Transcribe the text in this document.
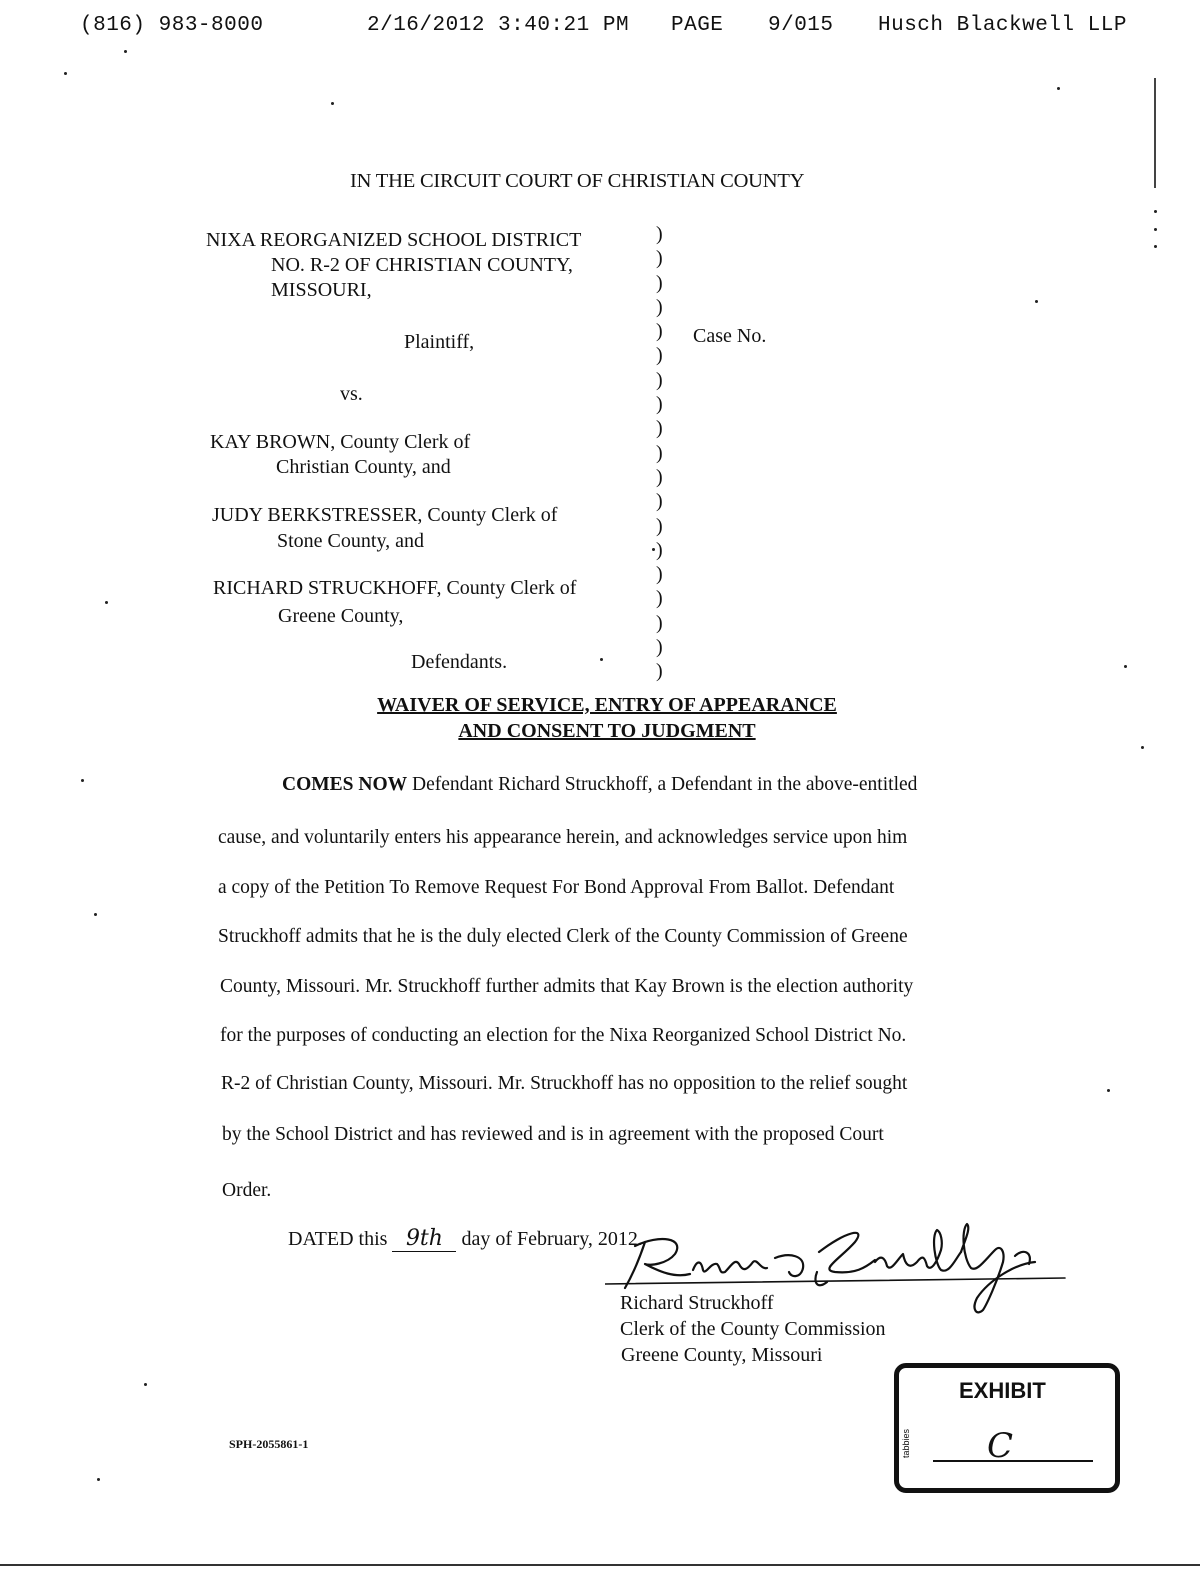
(816) 983-8000	2/16/2012 3:40:21 PM PAGE 9/015 Husch Blackwell LLP
IN THE CIRCUIT COURT OF CHRISTIAN COUNTY
NIXA REORGANIZED SCHOOL DISTRICT
NO. R-2 OF CHRISTIAN COUNTY,
MISSOURI,
Plaintiff,
vs.
KAY BROWN, County Clerk of
Christian County, and
JUDY BERKSTRESSER, County Clerk of
Stone County, and
RICHARD STRUCKHOFF, County Clerk of
Greene County,
Defendants.
)
)
)
)
)
)
)
)
)
)
)
)
)
)
)
)
)
)
)
Case No.
WAIVER OF SERVICE, ENTRY OF APPEARANCE
AND CONSENT TO JUDGMENT
COMES NOW Defendant Richard Struckhoff, a Defendant in the above-entitled
cause, and voluntarily enters his appearance herein, and acknowledges service upon him
a copy of the Petition To Remove Request For Bond Approval From Ballot. Defendant
Struckhoff admits that he is the duly elected Clerk of the County Commission of Greene
County, Missouri. Mr. Struckhoff further admits that Kay Brown is the election authority
for the purposes of conducting an election for the Nixa Reorganized School District No.
R-2 of Christian County, Missouri. Mr. Struckhoff has no opposition to the relief sought
by the School District and has reviewed and is in agreement with the proposed Court
Order.
DATED this 9th day of February, 2012.
Richard Struckhoff
Clerk of the County Commission
Greene County, Missouri
EXHIBIT
tabbies C
SPH-2055861-1
